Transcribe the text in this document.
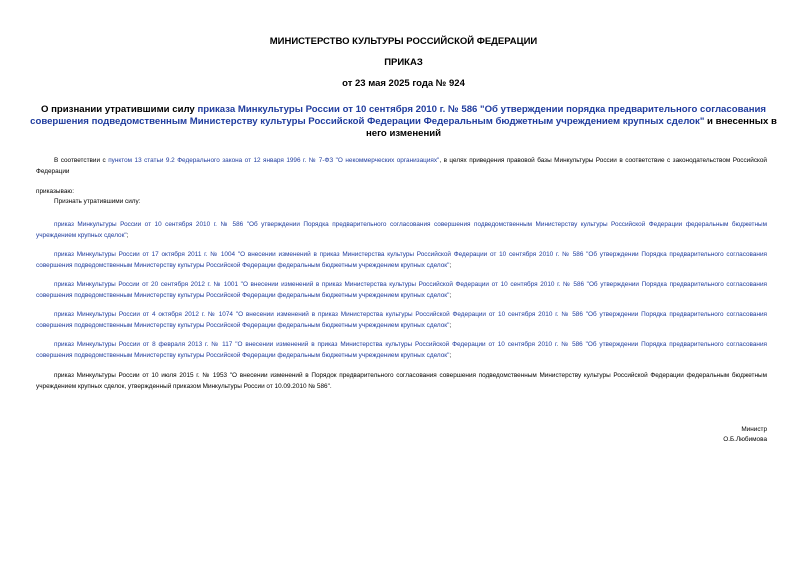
МИНИСТЕРСТВО КУЛЬТУРЫ РОССИЙСКОЙ ФЕДЕРАЦИИ
ПРИКАЗ
от 23 мая 2025 года № 924
О признании утратившими силу приказа Минкультуры России от 10 сентября 2010 г. № 586 "Об утверждении порядка предварительного согласования совершения подведомственным Министерству культуры Российской Федерации Федеральным бюджетным учреждением крупных сделок" и внесенных в него изменений
В соответствии с пунктом 13 статьи 9.2 Федерального закона от 12 января 1996 г. № 7-ФЗ "О некоммерческих организациях", в целях приведения правовой базы Минкультуры России в соответствие с законодательством Российской Федерации
приказываю:
Признать утратившими силу:
приказ Минкультуры России от 10 сентября 2010 г. № 586 "Об утверждении Порядка предварительного согласования совершения подведомственным Министерству культуры Российской Федерации федеральным бюджетным учреждением крупных сделок";
приказ Минкультуры России от 17 октября 2011 г. № 1004 "О внесении изменений в приказ Министерства культуры Российской Федерации от 10 сентября 2010 г. № 586 "Об утверждении Порядка предварительного согласования совершения подведомственным Министерству культуры Российской Федерации федеральным бюджетным учреждением крупных сделок";
приказ Минкультуры России от 20 сентября 2012 г. № 1001 "О внесении изменений в приказ Министерства культуры Российской Федерации от 10 сентября 2010 г. № 586 "Об утверждении Порядка предварительного согласования совершения подведомственным Министерству культуры Российской Федерации федеральным бюджетным учреждением крупных сделок";
приказ Минкультуры России от 4 октября 2012 г. № 1074 "О внесении изменений в приказ Министерства культуры Российской Федерации от 10 сентября 2010 г. № 586 "Об утверждении Порядка предварительного согласования совершения подведомственным Министерству культуры Российской Федерации федеральным бюджетным учреждением крупных сделок";
приказ Минкультуры России от 8 февраля 2013 г. № 117 "О внесении изменений в приказ Министерства культуры Российской Федерации от 10 сентября 2010 г. № 586 "Об утверждении Порядка предварительного согласования совершения подведомственным Министерству культуры Российской Федерации федеральным бюджетным учреждением крупных сделок";
приказ Минкультуры России от 10 июля 2015 г. № 1953 "О внесении изменений в Порядок предварительного согласования совершения подведомственным Министерству культуры Российской Федерации федеральным бюджетным учреждением крупных сделок, утвержденный приказом Минкультуры России от 10.09.2010 № 586".
Министр
О.Б.Любимова
